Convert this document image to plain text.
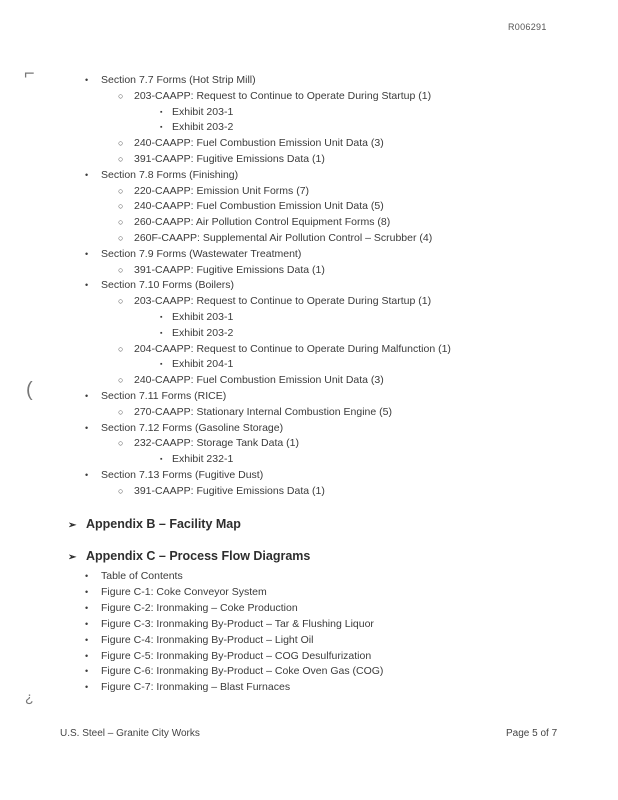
R006291
⌐
(
¿
• Section 7.7 Forms (Hot Strip Mill)
○ 203-CAAPP: Request to Continue to Operate During Startup (1)
▪ Exhibit 203-1
▪ Exhibit 203-2
○ 240-CAAPP: Fuel Combustion Emission Unit Data (3)
○ 391-CAAPP: Fugitive Emissions Data (1)
• Section 7.8 Forms (Finishing)
○ 220-CAAPP: Emission Unit Forms (7)
○ 240-CAAPP: Fuel Combustion Emission Unit Data (5)
○ 260-CAAPP: Air Pollution Control Equipment Forms (8)
○ 260F-CAAPP: Supplemental Air Pollution Control – Scrubber (4)
• Section 7.9 Forms (Wastewater Treatment)
○ 391-CAAPP: Fugitive Emissions Data (1)
• Section 7.10 Forms (Boilers)
○ 203-CAAPP: Request to Continue to Operate During Startup (1)
▪ Exhibit 203-1
▪ Exhibit 203-2
○ 204-CAAPP: Request to Continue to Operate During Malfunction (1)
▪ Exhibit 204-1
○ 240-CAAPP: Fuel Combustion Emission Unit Data (3)
• Section 7.11 Forms (RICE)
○ 270-CAAPP: Stationary Internal Combustion Engine (5)
• Section 7.12 Forms (Gasoline Storage)
○ 232-CAAPP: Storage Tank Data (1)
▪ Exhibit 232-1
• Section 7.13 Forms (Fugitive Dust)
○ 391-CAAPP: Fugitive Emissions Data (1)
➢ Appendix B – Facility Map
➢ Appendix C – Process Flow Diagrams
• Table of Contents
• Figure C-1: Coke Conveyor System
• Figure C-2: Ironmaking – Coke Production
• Figure C-3: Ironmaking By-Product – Tar & Flushing Liquor
• Figure C-4: Ironmaking By-Product – Light Oil
• Figure C-5: Ironmaking By-Product – COG Desulfurization
• Figure C-6: Ironmaking By-Product – Coke Oven Gas (COG)
• Figure C-7: Ironmaking – Blast Furnaces
U.S. Steel – Granite City Works	Page 5 of 7
